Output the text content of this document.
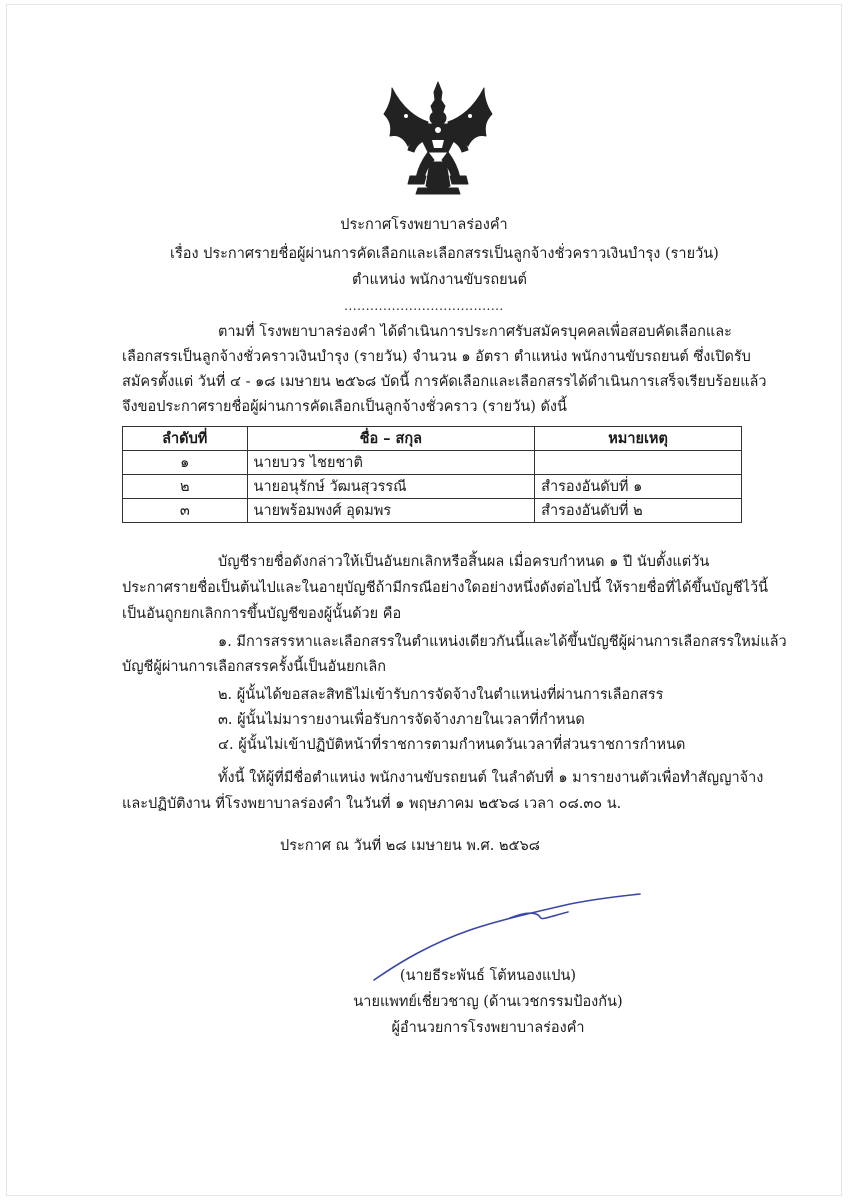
ประกาศโรงพยาบาลร่องคำ
เรื่อง ประกาศรายชื่อผู้ผ่านการคัดเลือกและเลือกสรรเป็นลูกจ้างชั่วคราวเงินบำรุง (รายวัน)
ตำแหน่ง พนักงานขับรถยนต์
.....................................
ตามที่ โรงพยาบาลร่องคำ ได้ดำเนินการประกาศรับสมัครบุคคลเพื่อสอบคัดเลือกและ
เลือกสรรเป็นลูกจ้างชั่วคราวเงินบำรุง (รายวัน) จำนวน ๑ อัตรา ตำแหน่ง พนักงานขับรถยนต์ ซึ่งเปิดรับ
สมัครตั้งแต่ วันที่ ๔ - ๑๘ เมษายน ๒๕๖๘ บัดนี้ การคัดเลือกและเลือกสรรได้ดำเนินการเสร็จเรียบร้อยแล้ว
จึงขอประกาศรายชื่อผู้ผ่านการคัดเลือกเป็นลูกจ้างชั่วคราว (รายวัน) ดังนี้
ลำดับที่	ชื่อ – สกุล	หมายเหตุ
๑	นายบวร ไชยชาติ	
๒	นายอนุรักษ์ วัฒนสุวรรณี	สำรองอันดับที่ ๑
๓	นายพร้อมพงศ์ อุดมพร	สำรองอันดับที่ ๒
บัญชีรายชื่อดังกล่าวให้เป็นอันยกเลิกหรือสิ้นผล เมื่อครบกำหนด ๑ ปี นับตั้งแต่วัน
ประกาศรายชื่อเป็นต้นไปและในอายุบัญชีถ้ามีกรณีอย่างใดอย่างหนึ่งดังต่อไปนี้ ให้รายชื่อที่ได้ขึ้นบัญชีไว้นี้
เป็นอันถูกยกเลิกการขึ้นบัญชีของผู้นั้นด้วย คือ
๑. มีการสรรหาและเลือกสรรในตำแหน่งเดียวกันนี้และได้ขึ้นบัญชีผู้ผ่านการเลือกสรรใหม่แล้ว
บัญชีผู้ผ่านการเลือกสรรครั้งนี้เป็นอันยกเลิก
๒. ผู้นั้นได้ขอสละสิทธิไม่เข้ารับการจัดจ้างในตำแหน่งที่ผ่านการเลือกสรร
๓. ผู้นั้นไม่มารายงานเพื่อรับการจัดจ้างภายในเวลาที่กำหนด
๔. ผู้นั้นไม่เข้าปฏิบัติหน้าที่ราชการตามกำหนดวันเวลาที่ส่วนราชการกำหนด
ทั้งนี้ ให้ผู้ที่มีชื่อตำแหน่ง พนักงานขับรถยนต์ ในลำดับที่ ๑ มารายงานตัวเพื่อทำสัญญาจ้าง
และปฏิบัติงาน ที่โรงพยาบาลร่องคำ ในวันที่ ๑ พฤษภาคม ๒๕๖๘ เวลา ๐๘.๓๐ น.
ประกาศ ณ วันที่ ๒๘ เมษายน พ.ศ. ๒๕๖๘
(นายธีระพันธ์ โต้หนองแปน)
นายแพทย์เชี่ยวชาญ (ด้านเวชกรรมป้องกัน)
ผู้อำนวยการโรงพยาบาลร่องคำ
